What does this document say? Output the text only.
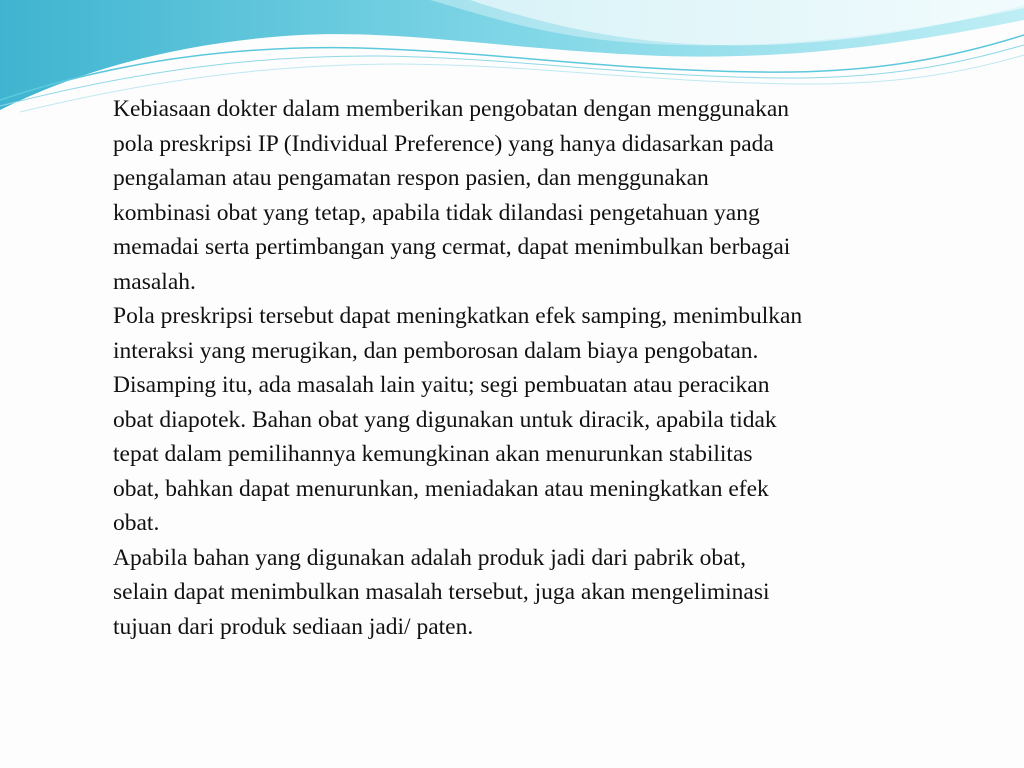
Kebiasaan dokter dalam memberikan pengobatan dengan menggunakan
pola preskripsi IP (Individual Preference) yang hanya didasarkan pada
pengalaman atau pengamatan respon pasien, dan menggunakan
kombinasi obat yang tetap, apabila tidak dilandasi pengetahuan yang
memadai serta pertimbangan yang cermat, dapat menimbulkan berbagai
masalah.

Pola preskripsi tersebut dapat meningkatkan efek samping, menimbulkan
interaksi yang merugikan, dan pemborosan dalam biaya pengobatan.
Disamping itu, ada masalah lain yaitu; segi pembuatan atau peracikan
obat diapotek. Bahan obat yang digunakan untuk diracik, apabila tidak
tepat dalam pemilihannya kemungkinan akan menurunkan stabilitas
obat, bahkan dapat menurunkan, meniadakan atau meningkatkan efek
obat.

Apabila bahan yang digunakan adalah produk jadi dari pabrik obat,
selain dapat menimbulkan masalah tersebut, juga akan mengeliminasi
tujuan dari produk sediaan jadi/ paten.
